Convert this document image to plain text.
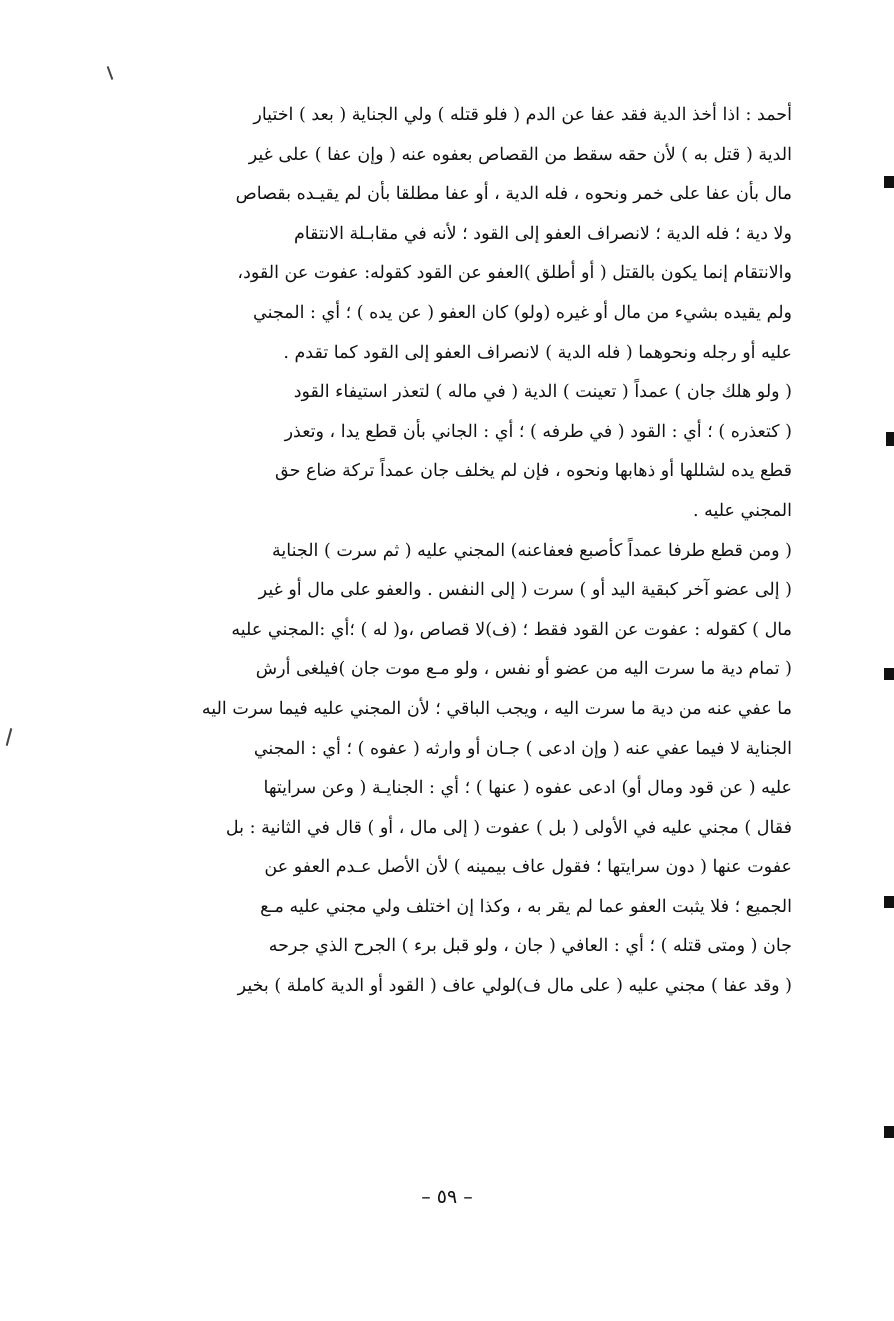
أحمد : اذا أخذ الدية فقد عفا عن الدم ( فلو قتله ) ولي الجناية ( بعد ) اختيار
الدية ( قتل به ) لأن حقه سقط من القصاص بعفوه عنه ( وإن عفا ) على غير
مال بأن عفا على خمر ونحوه ، فله الدية ، أو عفا مطلقا بأن لم يقيـده بقصاص
ولا دية ؛ فله الدية ؛ لانصراف العفو إلى القود ؛ لأنه في مقابـلة الانتقام
والانتقام إنما يكون بالقتل ( أو أطلق )العفو عن القود كقوله: عفوت عن القود،
ولم يقيده بشيء من مال أو غيره (ولو) كان العفو ( عن يده ) ؛ أي : المجني
عليه أو رجله ونحوهما ( فله الدية ) لانصراف العفو إلى القود كما تقدم .
( ولو هلك جان ) عمداً ( تعينت ) الدية ( في ماله ) لتعذر استيفاء القود
( كتعذره ) ؛ أي : القود ( في طرفه ) ؛ أي : الجاني بأن قطع يدا ، وتعذر
قطع يده لشللها أو ذهابها ونحوه ، فإن لم يخلف جان عمداً تركة ضاع حق
المجني عليه .
( ومن قطع طرفا عمداً كأصبع فعفاعنه) المجني عليه ( ثم سرت ) الجناية
( إلى عضو آخر كبقية اليد أو ) سرت ( إلى النفس . والعفو على مال أو غير
مال ) كقوله : عفوت عن القود فقط ؛ (ف)لا قصاص ،و( له ) ؛أي :المجني عليه
( تمام دية ما سرت اليه من عضو أو نفس ، ولو مـع موت جان )فيلغى أرش
ما عفي عنه من دية ما سرت اليه ، ويجب الباقي ؛ لأن المجني عليه فيما سرت اليه
الجناية لا فيما عفي عنه ( وإن ادعى ) جـان أو وارثه ( عفوه ) ؛ أي : المجني
عليه ( عن قود ومال أو) ادعى عفوه ( عنها ) ؛ أي : الجنايـة ( وعن سرايتها
فقال ) مجني عليه في الأولى ( بل ) عفوت ( إلى مال ، أو ) قال في الثانية : بل
عفوت عنها ( دون سرايتها ؛ فقول عاف بيمينه ) لأن الأصل عـدم العفو عن
الجميع ؛ فلا يثبت العفو عما لم يقر به ، وكذا إن اختلف ولي مجني عليه مـع
جان ( ومتى قتله ) ؛ أي : العافي ( جان ، ولو قبل برء ) الجرح الذي جرحه
( وقد عفا ) مجني عليه ( على مال ف)لولي عاف ( القود أو الدية كاملة ) بخير
– ٥٩ –
